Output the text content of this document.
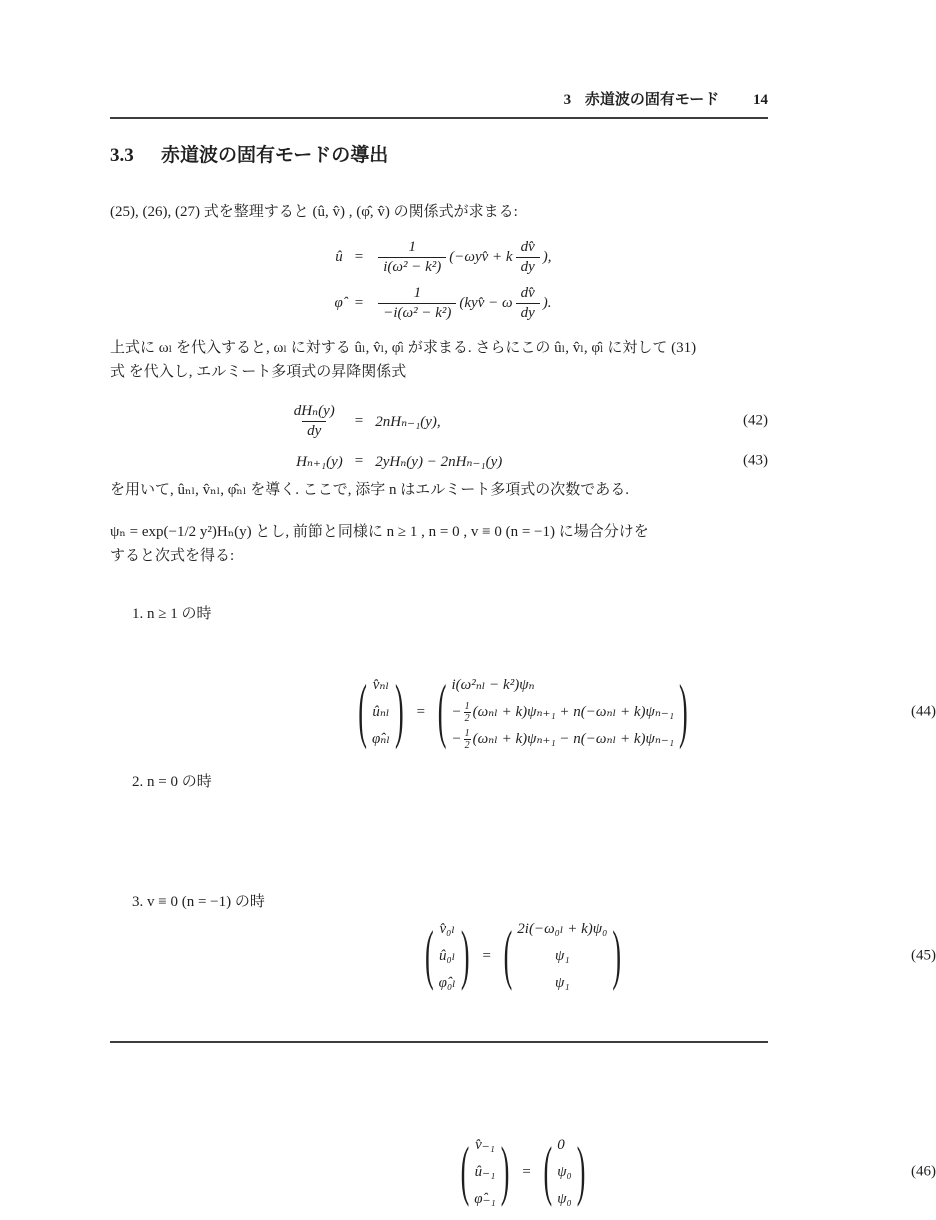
3 赤道波の固有モード 14
3.3 赤道波の固有モードの導出

(25), (26), (27) 式を整理すると (û, v̂) , (φ̂, v̂) の関係式が求まる:

û =	$\frac{1}{\text{i(ω² − k²)}}$ (−ωyv̂ + k $\frac{dv̂}{dy}$ ),
φ̂ =	$\frac{1}{\text{−i(ω² − k²)}}$ (kyv̂ − ω $\frac{dv̂}{dy}$ ).
上式に ωₗ を代入すると, ωₗ に対する ûₗ, v̂ₗ, φ̂ₗ が求まる. さらにこの ûₗ, v̂ₗ, φ̂ₗ に対して (31)
式 を代入し, エルミート多項式の昇降関係式
$\frac{\text{dHₙ(y)}}{dy}$	= 2nHₙ₋₁(y),	(42)
Hₙ₊₁(y) = 2yHₙ(y) − 2nHₙ₋₁(y)	(43)

を用いて, ûₙₗ, v̂ₙₗ, φ̂ₙₗ を導く. ここで, 添字 n はエルミート多項式の次数である.

ψₙ = exp(−1/2 y²)Hₙ(y) とし, 前節と同様に n ≥ 1 , n = 0 , v ≡ 0 (n = −1) に場合分けを
すると次式を得る:
1. n ≥ 1 の時
( v̂ₙₗ
ûₙₗ
φ̂ₙₗ ) = ( i(ω²ₙₗ − k²)ψₙ
− $\frac{1}{2} (\omega_{nl} + k)\psi_{n+1} + n(-\omega_{nl} + k)\psi_{n-1}$
− $\frac{1}{2} (\omega_{nl} + k)\psi_{n+1} - n(-\omega_{nl} + k)\psi_{n-1}$ )	(44)
2. n = 0 の時
( v̂₀ₗ
û₀ₗ
φ̂₀ₗ ) = ( 2i(−ω₀ₗ + k)ψ₀
ψ₁
ψ₁	)	(45)
3. v ≡ 0 (n = −1) の時
( v̂₋₁
û₋₁
φ̂₋₁ ) = ( 0
ψ₀
ψ₀ )	(46)
